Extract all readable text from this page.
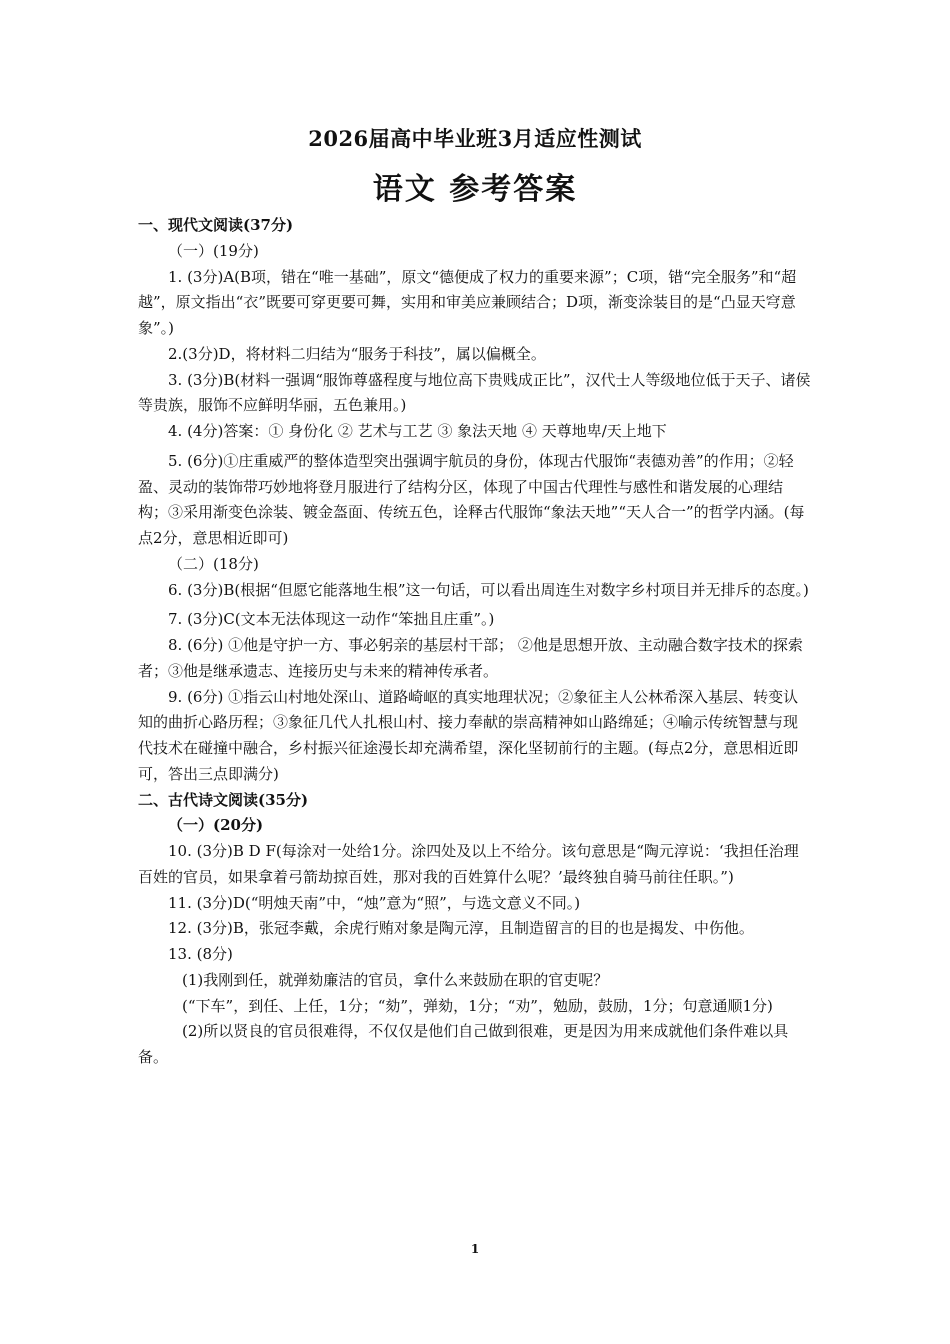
2026届高中毕业班3月适应性测试
语文 参考答案

一、现代文阅读(37分)

（一）(19分)

1. (3分)A(B项，错在“唯一基础”，原文“德便成了权力的重要来源”；C项，错“完全服务”和“超越”，原文指出“衣”既要可穿更要可舞，实用和审美应兼顾结合；D项，渐变涂装目的是“凸显天穹意象”。)

2.(3分)D，将材料二归结为“服务于科技”，属以偏概全。

3. (3分)B(材料一强调“服饰尊盛程度与地位高下贵贱成正比”，汉代士人等级地位低于天子、诸侯等贵族，服饰不应鲜明华丽，五色兼用。)

4. (4分)答案：① 身份化 ② 艺术与工艺 ③ 象法天地 ④ 天尊地卑/天上地下

5. (6分)①庄重威严的整体造型突出强调宇航员的身份，体现古代服饰“表德劝善”的作用；②轻盈、灵动的装饰带巧妙地将登月服进行了结构分区，体现了中国古代理性与感性和谐发展的心理结构；③采用渐变色涂装、镀金盔面、传统五色，诠释古代服饰“象法天地”“天人合一”的哲学内涵。(每点2分，意思相近即可)

（二）(18分)

6. (3分)B(根据“但愿它能落地生根”这一句话，可以看出周连生对数字乡村项目并无排斥的态度。)

7. (3分)C(文本无法体现这一动作“笨拙且庄重”。)

8. (6分) ①他是守护一方、事必躬亲的基层村干部； ②他是思想开放、主动融合数字技术的探索者；③他是继承遗志、连接历史与未来的精神传承者。

9. (6分) ①指云山村地处深山、道路崎岖的真实地理状况；②象征主人公林希深入基层、转变认知的曲折心路历程；③象征几代人扎根山村、接力奉献的崇高精神如山路绵延；④喻示传统智慧与现代技术在碰撞中融合，乡村振兴征途漫长却充满希望，深化坚韧前行的主题。(每点2分，意思相近即可，答出三点即满分)

二、古代诗文阅读(35分)

（一）(20分)

10. (3分)B D F(每涂对一处给1分。涂四处及以上不给分。该句意思是“陶元淳说：‘我担任治理百姓的官员，如果拿着弓箭劫掠百姓，那对我的百姓算什么呢？’最终独自骑马前往任职。”)

11. (3分)D(“明烛天南”中，“烛”意为“照”，与选文意义不同。)

12. (3分)B，张冠李戴，余虎行贿对象是陶元淳，且制造留言的目的也是揭发、中伤他。

13. (8分)

(1)我刚到任，就弹劾廉洁的官员，拿什么来鼓励在职的官吏呢？

(“下车”，到任、上任，1分；“劾”，弹劾，1分；“劝”，勉励，鼓励，1分；句意通顺1分)

(2)所以贤良的官员很难得，不仅仅是他们自己做到很难，更是因为用来成就他们条件难以具备。

1
